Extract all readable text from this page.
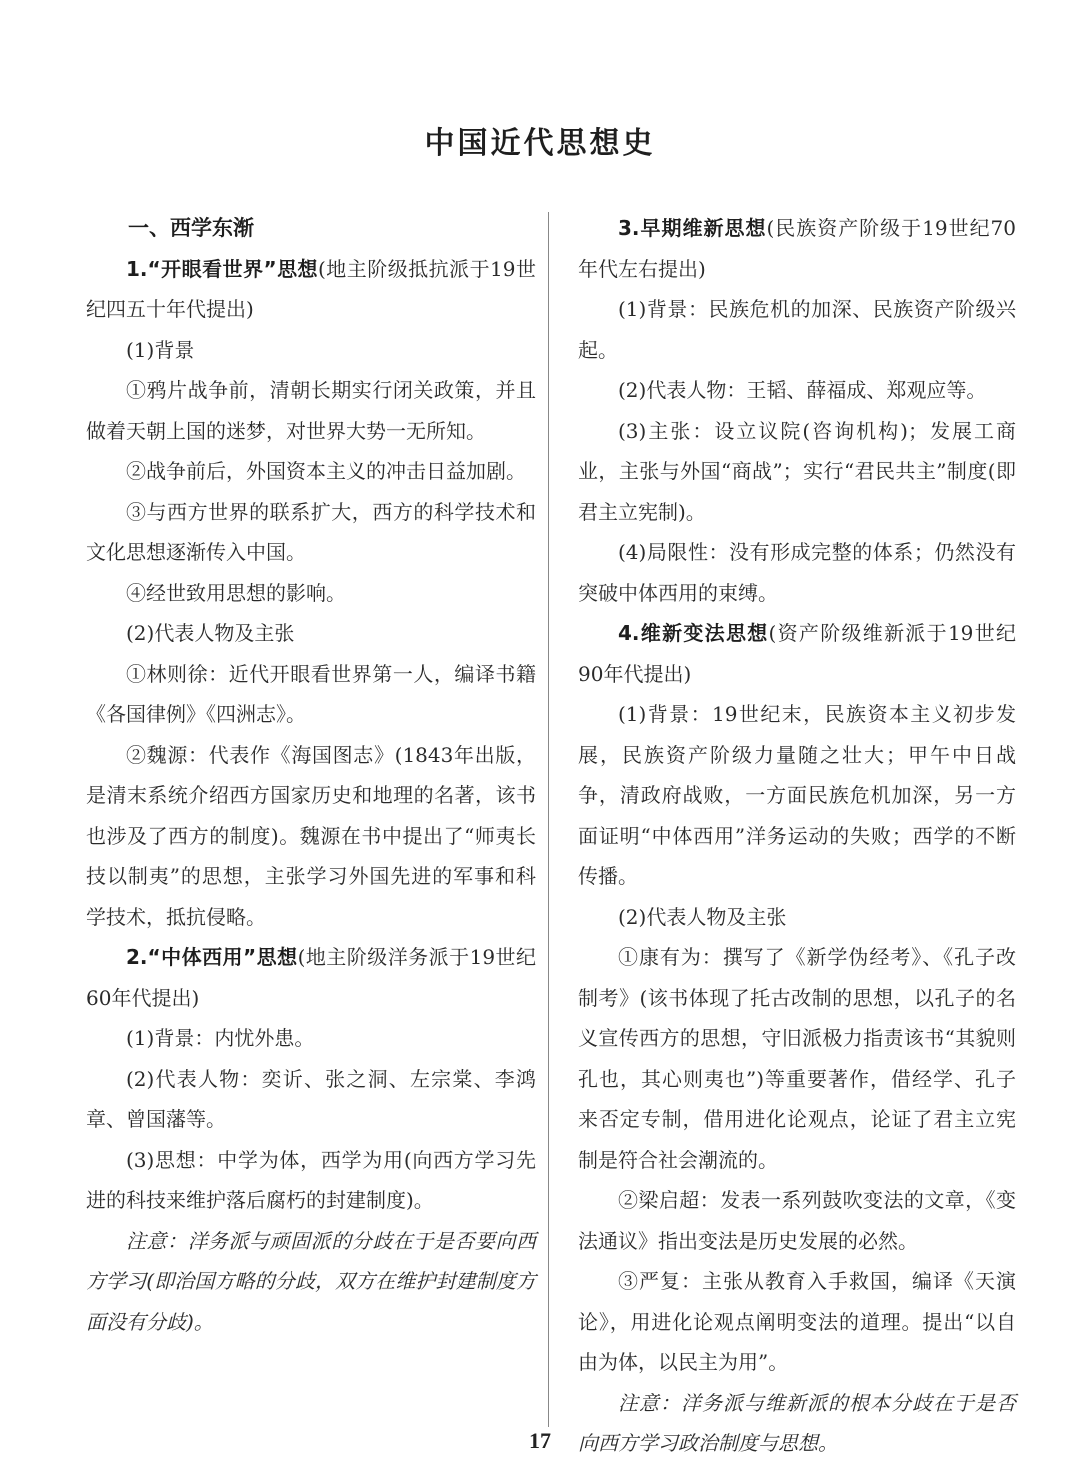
中国近代思想史

一、西学东渐

1.“开眼看世界”思想(地主阶级抵抗派于19世纪四五十年代提出)

(1)背景

①鸦片战争前，清朝长期实行闭关政策，并且做着天朝上国的迷梦，对世界大势一无所知。

②战争前后，外国资本主义的冲击日益加剧。

③与西方世界的联系扩大，西方的科学技术和文化思想逐渐传入中国。

④经世致用思想的影响。

(2)代表人物及主张

①林则徐：近代开眼看世界第一人，编译书籍《各国律例》《四洲志》。

②魏源：代表作《海国图志》(1843年出版，是清末系统介绍西方国家历史和地理的名著，该书也涉及了西方的制度)。魏源在书中提出了“师夷长技以制夷”的思想，主张学习外国先进的军事和科学技术，抵抗侵略。

2.“中体西用”思想(地主阶级洋务派于19世纪60年代提出)

(1)背景：内忧外患。

(2)代表人物：奕䜣、张之洞、左宗棠、李鸿章、曾国藩等。

(3)思想：中学为体，西学为用(向西方学习先进的科技来维护落后腐朽的封建制度)。

注意：洋务派与顽固派的分歧在于是否要向西方学习(即治国方略的分歧，双方在维护封建制度方面没有分歧)。

3.早期维新思想(民族资产阶级于19世纪70年代左右提出)

(1)背景：民族危机的加深、民族资产阶级兴起。

(2)代表人物：王韬、薛福成、郑观应等。

(3)主张：设立议院(咨询机构)；发展工商业，主张与外国“商战”；实行“君民共主”制度(即君主立宪制)。

(4)局限性：没有形成完整的体系；仍然没有突破中体西用的束缚。

4.维新变法思想(资产阶级维新派于19世纪90年代提出)

(1)背景：19世纪末，民族资本主义初步发展，民族资产阶级力量随之壮大；甲午中日战争，清政府战败，一方面民族危机加深，另一方面证明“中体西用”洋务运动的失败；西学的不断传播。

(2)代表人物及主张

①康有为：撰写了《新学伪经考》、《孔子改制考》(该书体现了托古改制的思想，以孔子的名义宣传西方的思想，守旧派极力指责该书“其貌则孔也，其心则夷也”)等重要著作，借经学、孔子来否定专制，借用进化论观点，论证了君主立宪制是符合社会潮流的。

②梁启超：发表一系列鼓吹变法的文章，《变法通议》指出变法是历史发展的必然。

③严复：主张从教育入手救国，编译《天演论》，用进化论观点阐明变法的道理。提出“以自由为体，以民主为用”。

注意：洋务派与维新派的根本分歧在于是否向西方学习政治制度与思想。

17
